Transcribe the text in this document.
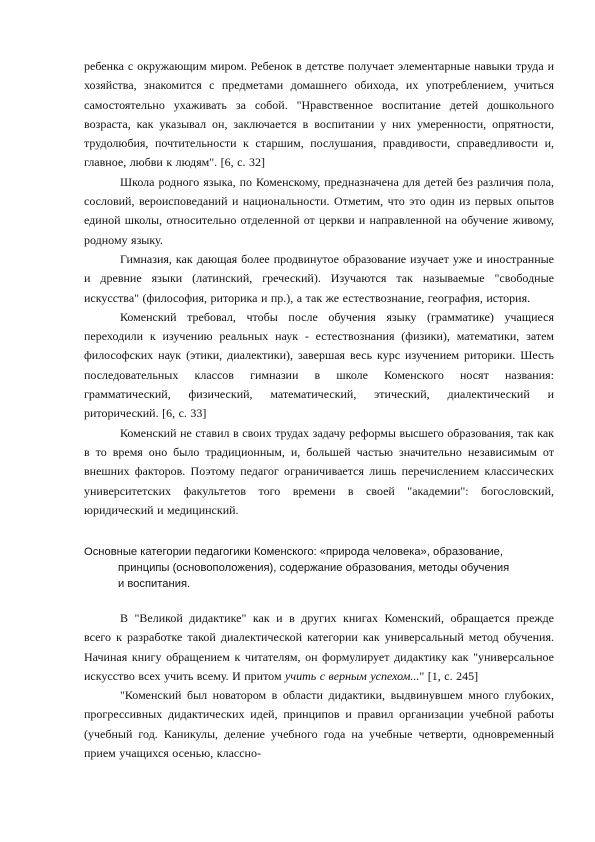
ребенка с окружающим миром. Ребенок в детстве получает элементарные навыки труда и хозяйства, знакомится с предметами домашнего обихода, их употреблением, учиться самостоятельно ухаживать за собой. "Нравственное воспитание детей дошкольного возраста, как указывал он, заключается в воспитании у них умеренности, опрятности, трудолюбия, почтительности к старшим, послушания, правдивости, справедливости и, главное, любви к людям". [6, с. 32]

Школа родного языка, по Коменскому, предназначена для детей без различия пола, сословий, вероисповеданий и национальности. Отметим, что это один из первых опытов единой школы, относительно отделенной от церкви и направленной на обучение живому, родному языку.

Гимназия, как дающая более продвинутое образование изучает уже и иностранные и древние языки (латинский, греческий). Изучаются так называемые "свободные искусства" (философия, риторика и пр.), а так же естествознание, география, история.

Коменский требовал, чтобы после обучения языку (грамматике) учащиеся переходили к изучению реальных наук - естествознания (физики), математики, затем философских наук (этики, диалектики), завершая весь курс изучением риторики. Шесть последовательных классов гимназии в школе Коменского носят названия: грамматический, физический, математический, этический, диалектический и риторический. [6, с. 33]

Коменский не ставил в своих трудах задачу реформы высшего образования, так как в то время оно было традиционным, и, большей частью значительно независимым от внешних факторов. Поэтому педагог ограничивается лишь перечислением классических университетских факультетов того времени в своей "академии": богословский, юридический и медицинский.

Основные категории педагогики Коменского: «природа человека», образование,
принципы (основоположения), содержание образования, методы обучения
и воспитания.

В "Великой дидактике" как и в других книгах Коменский, обращается прежде всего к разработке такой диалектической категории как универсальный метод обучения. Начиная книгу обращением к читателям, он формулирует дидактику как "универсальное искусство всех учить всему. И притом учить с верным успехом..." [1, с. 245]

"Коменский был новатором в области дидактики, выдвинувшем много глубоких, прогрессивных дидактических идей, принципов и правил организации учебной работы (учебный год. Каникулы, деление учебного года на учебные четверти, одновременный прием учащихся осенью, классно-
